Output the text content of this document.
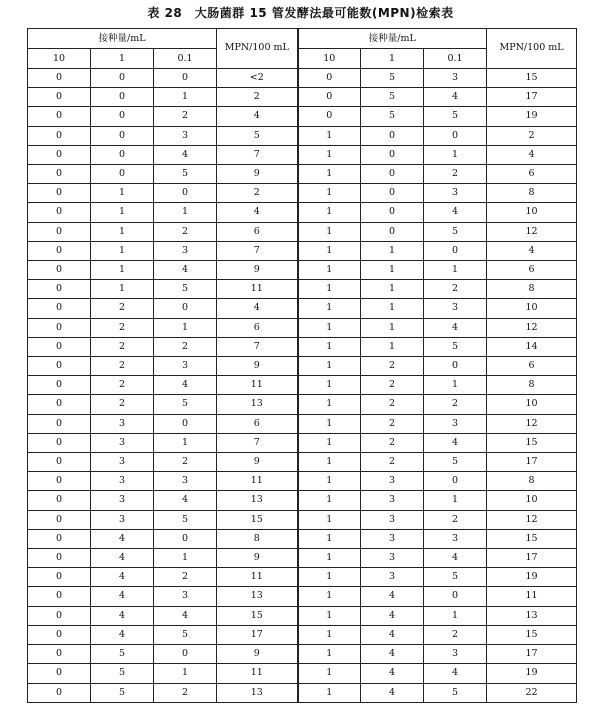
表 28　大肠菌群 15 管发酵法最可能数(MPN)检索表
接种量/mL			MPN/100 mL	接种量/mL			MPN/100 mL
10	1	0.1		10	1	0.1	
0	0	0	<2	0	5	3	15
0	0	1	2	0	5	4	17
0	0	2	4	0	5	5	19
0	0	3	5	1	0	0	2
0	0	4	7	1	0	1	4
0	0	5	9	1	0	2	6
0	1	0	2	1	0	3	8
0	1	1	4	1	0	4	10
0	1	2	6	1	0	5	12
0	1	3	7	1	1	0	4
0	1	4	9	1	1	1	6
0	1	5	11	1	1	2	8
0	2	0	4	1	1	3	10
0	2	1	6	1	1	4	12
0	2	2	7	1	1	5	14
0	2	3	9	1	2	0	6
0	2	4	11	1	2	1	8
0	2	5	13	1	2	2	10
0	3	0	6	1	2	3	12
0	3	1	7	1	2	4	15
0	3	2	9	1	2	5	17
0	3	3	11	1	3	0	8
0	3	4	13	1	3	1	10
0	3	5	15	1	3	2	12
0	4	0	8	1	3	3	15
0	4	1	9	1	3	4	17
0	4	2	11	1	3	5	19
0	4	3	13	1	4	0	11
0	4	4	15	1	4	1	13
0	4	5	17	1	4	2	15
0	5	0	9	1	4	3	17
0	5	1	11	1	4	4	19
0	5	2	13	1	4	5	22
